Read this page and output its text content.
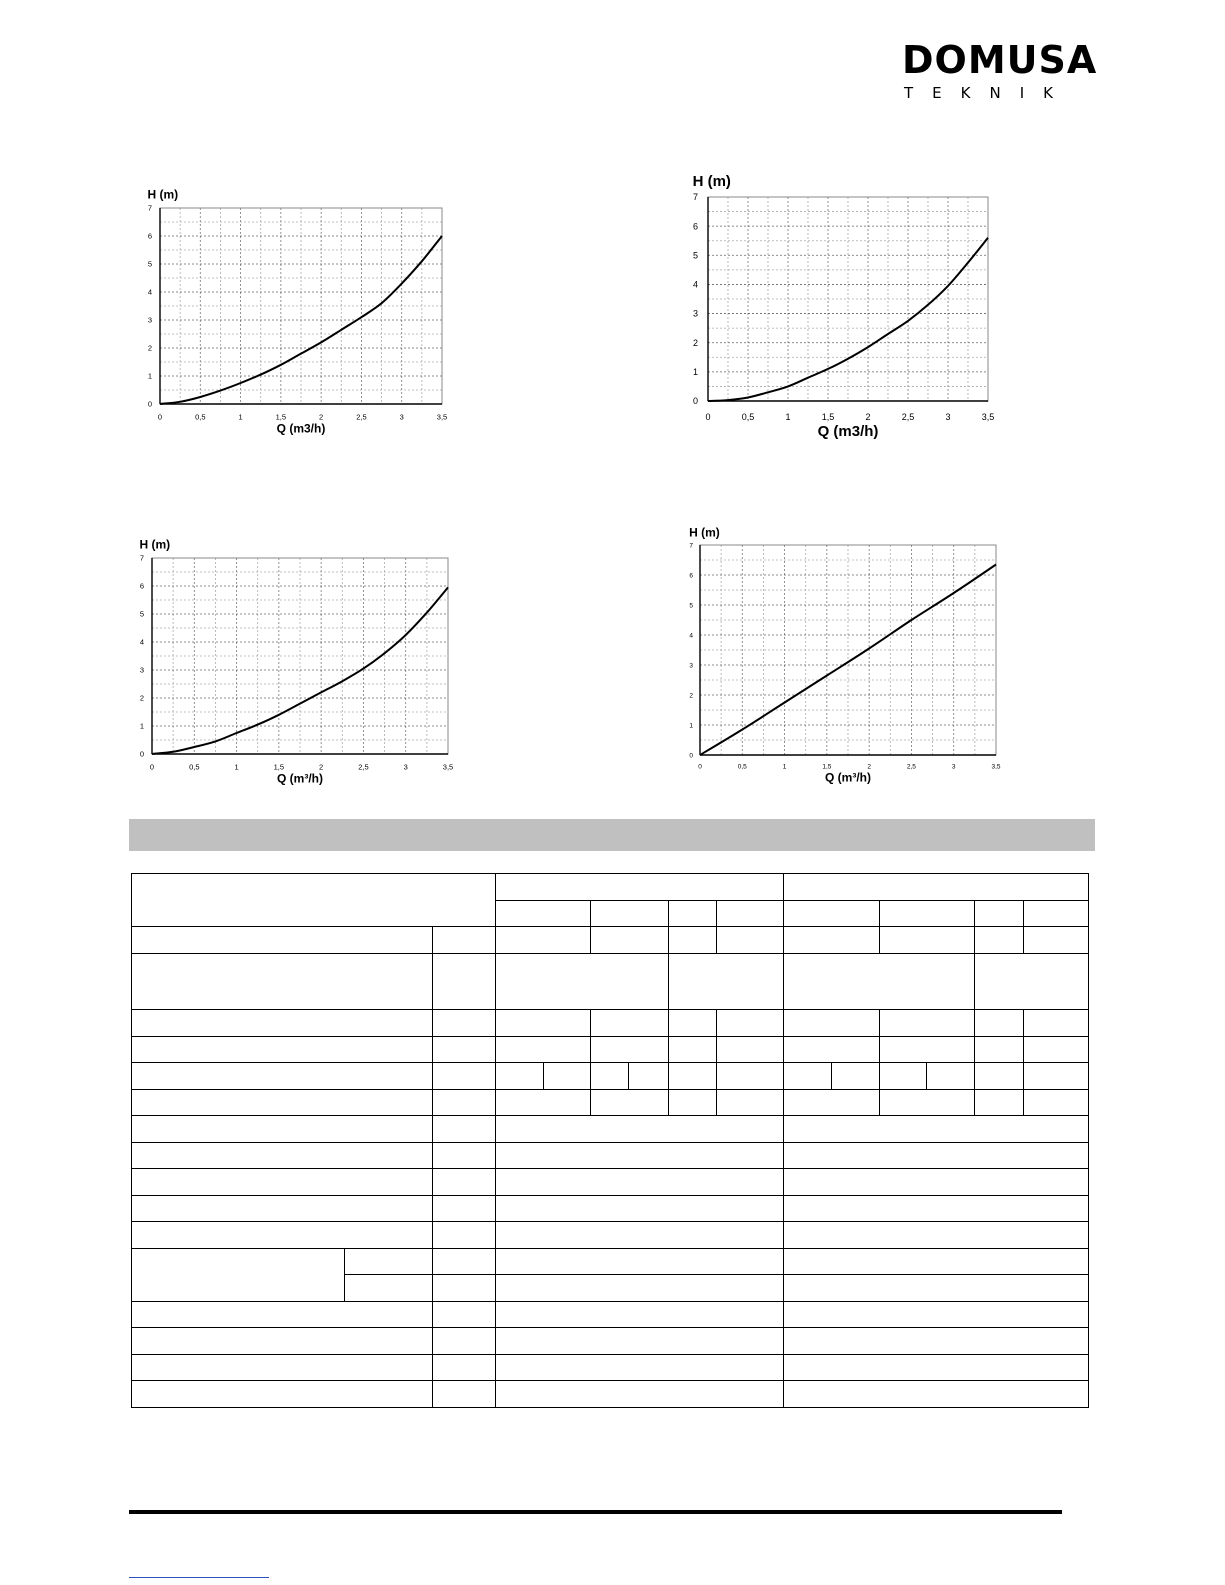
DOMUSA
TEKNIK
0	0,5	1	1,5	2	2,5	3	3,5
0
1
2
3
4
5
6
7
Q (m3/h)
H (m)
0	0,5	1	1,5	2	2,5	3	3,5
0
1
2
3
4
5
6
7
Q (m3/h)
H (m)
0	0,5	1	1,5	2	2,5	3	3,5
0
1
2
3
4
5
6
7
Q (m³/h)
H (m)
0	0,5	1	1,5	2	2,5	3	3,5
0
1
2
3
4
5
6
7
Q (m³/h)
H (m)
